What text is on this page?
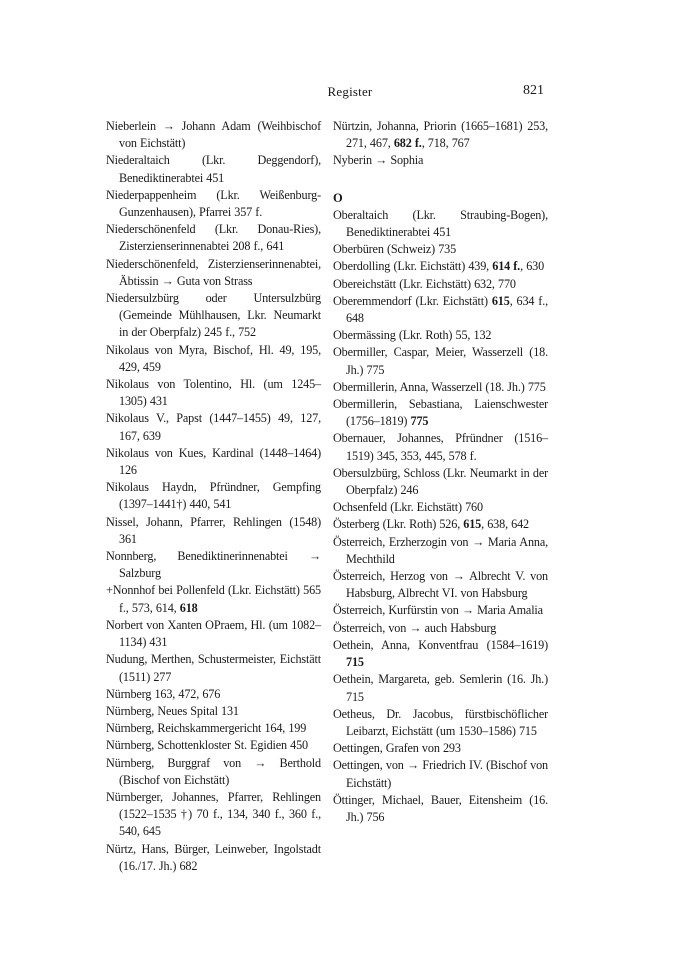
Register	821

Nieberlein → Johann Adam (Weihbischof von Eichstätt)

Niederaltaich (Lkr. Deggendorf), Benediktinerabtei 451

Niederpappenheim (Lkr. Weißenburg-Gunzenhausen), Pfarrei 357 f.

Niederschönenfeld (Lkr. Donau-Ries), Zisterzienserinnenabtei 208 f., 641

Niederschönenfeld, Zisterzienserinnenabtei, Äbtissin → Guta von Strass

Niedersulzbürg oder Untersulzbürg (Gemeinde Mühlhausen, Lkr. Neumarkt in der Oberpfalz) 245 f., 752

Nikolaus von Myra, Bischof, Hl. 49, 195, 429, 459

Nikolaus von Tolentino, Hl. (um 1245–1305) 431

Nikolaus V., Papst (1447–1455) 49, 127, 167, 639

Nikolaus von Kues, Kardinal (1448–1464) 126

Nikolaus Haydn, Pfründner, Gempfing (1397–1441†) 440, 541

Nissel, Johann, Pfarrer, Rehlingen (1548) 361

Nonnberg, Benediktinerinnenabtei → Salzburg

+Nonnhof bei Pollenfeld (Lkr. Eichstätt) 565 f., 573, 614, 618

Norbert von Xanten OPraem, Hl. (um 1082–1134) 431

Nudung, Merthen, Schustermeister, Eichstätt (1511) 277

Nürnberg 163, 472, 676

Nürnberg, Neues Spital 131

Nürnberg, Reichskammergericht 164, 199

Nürnberg, Schottenkloster St. Egidien 450

Nürnberg, Burggraf von → Berthold (Bischof von Eichstätt)

Nürnberger, Johannes, Pfarrer, Rehlingen (1522–1535 †) 70 f., 134, 340 f., 360 f., 540, 645

Nürtz, Hans, Bürger, Leinweber, Ingolstadt (16./17. Jh.) 682

Nürtzin, Johanna, Priorin (1665–1681) 253, 271, 467, 682 f., 718, 767

Nyberin → Sophia

O

Oberaltaich (Lkr. Straubing-Bogen), Benediktinerabtei 451

Oberbüren (Schweiz) 735

Oberdolling (Lkr. Eichstätt) 439, 614 f., 630

Obereichstätt (Lkr. Eichstätt) 632, 770

Oberemmendorf (Lkr. Eichstätt) 615, 634 f., 648

Obermässing (Lkr. Roth) 55, 132

Obermiller, Caspar, Meier, Wasserzell (18. Jh.) 775

Obermillerin, Anna, Wasserzell (18. Jh.) 775

Obermillerin, Sebastiana, Laienschwester (1756–1819) 775

Obernauer, Johannes, Pfründner (1516–1519) 345, 353, 445, 578 f.

Obersulzbürg, Schloss (Lkr. Neumarkt in der Oberpfalz) 246

Ochsenfeld (Lkr. Eichstätt) 760

Österberg (Lkr. Roth) 526, 615, 638, 642

Österreich, Erzherzogin von → Maria Anna, Mechthild

Österreich, Herzog von → Albrecht V. von Habsburg, Albrecht VI. von Habsburg

Österreich, Kurfürstin von → Maria Amalia

Österreich, von → auch Habsburg

Oethein, Anna, Konventfrau (1584–1619) 715

Oethein, Margareta, geb. Semlerin (16. Jh.) 715

Oetheus, Dr. Jacobus, fürstbischöflicher Leibarzt, Eichstätt (um 1530–1586) 715

Oettingen, Grafen von 293

Oettingen, von → Friedrich IV. (Bischof von Eichstätt)

Öttinger, Michael, Bauer, Eitensheim (16. Jh.) 756
